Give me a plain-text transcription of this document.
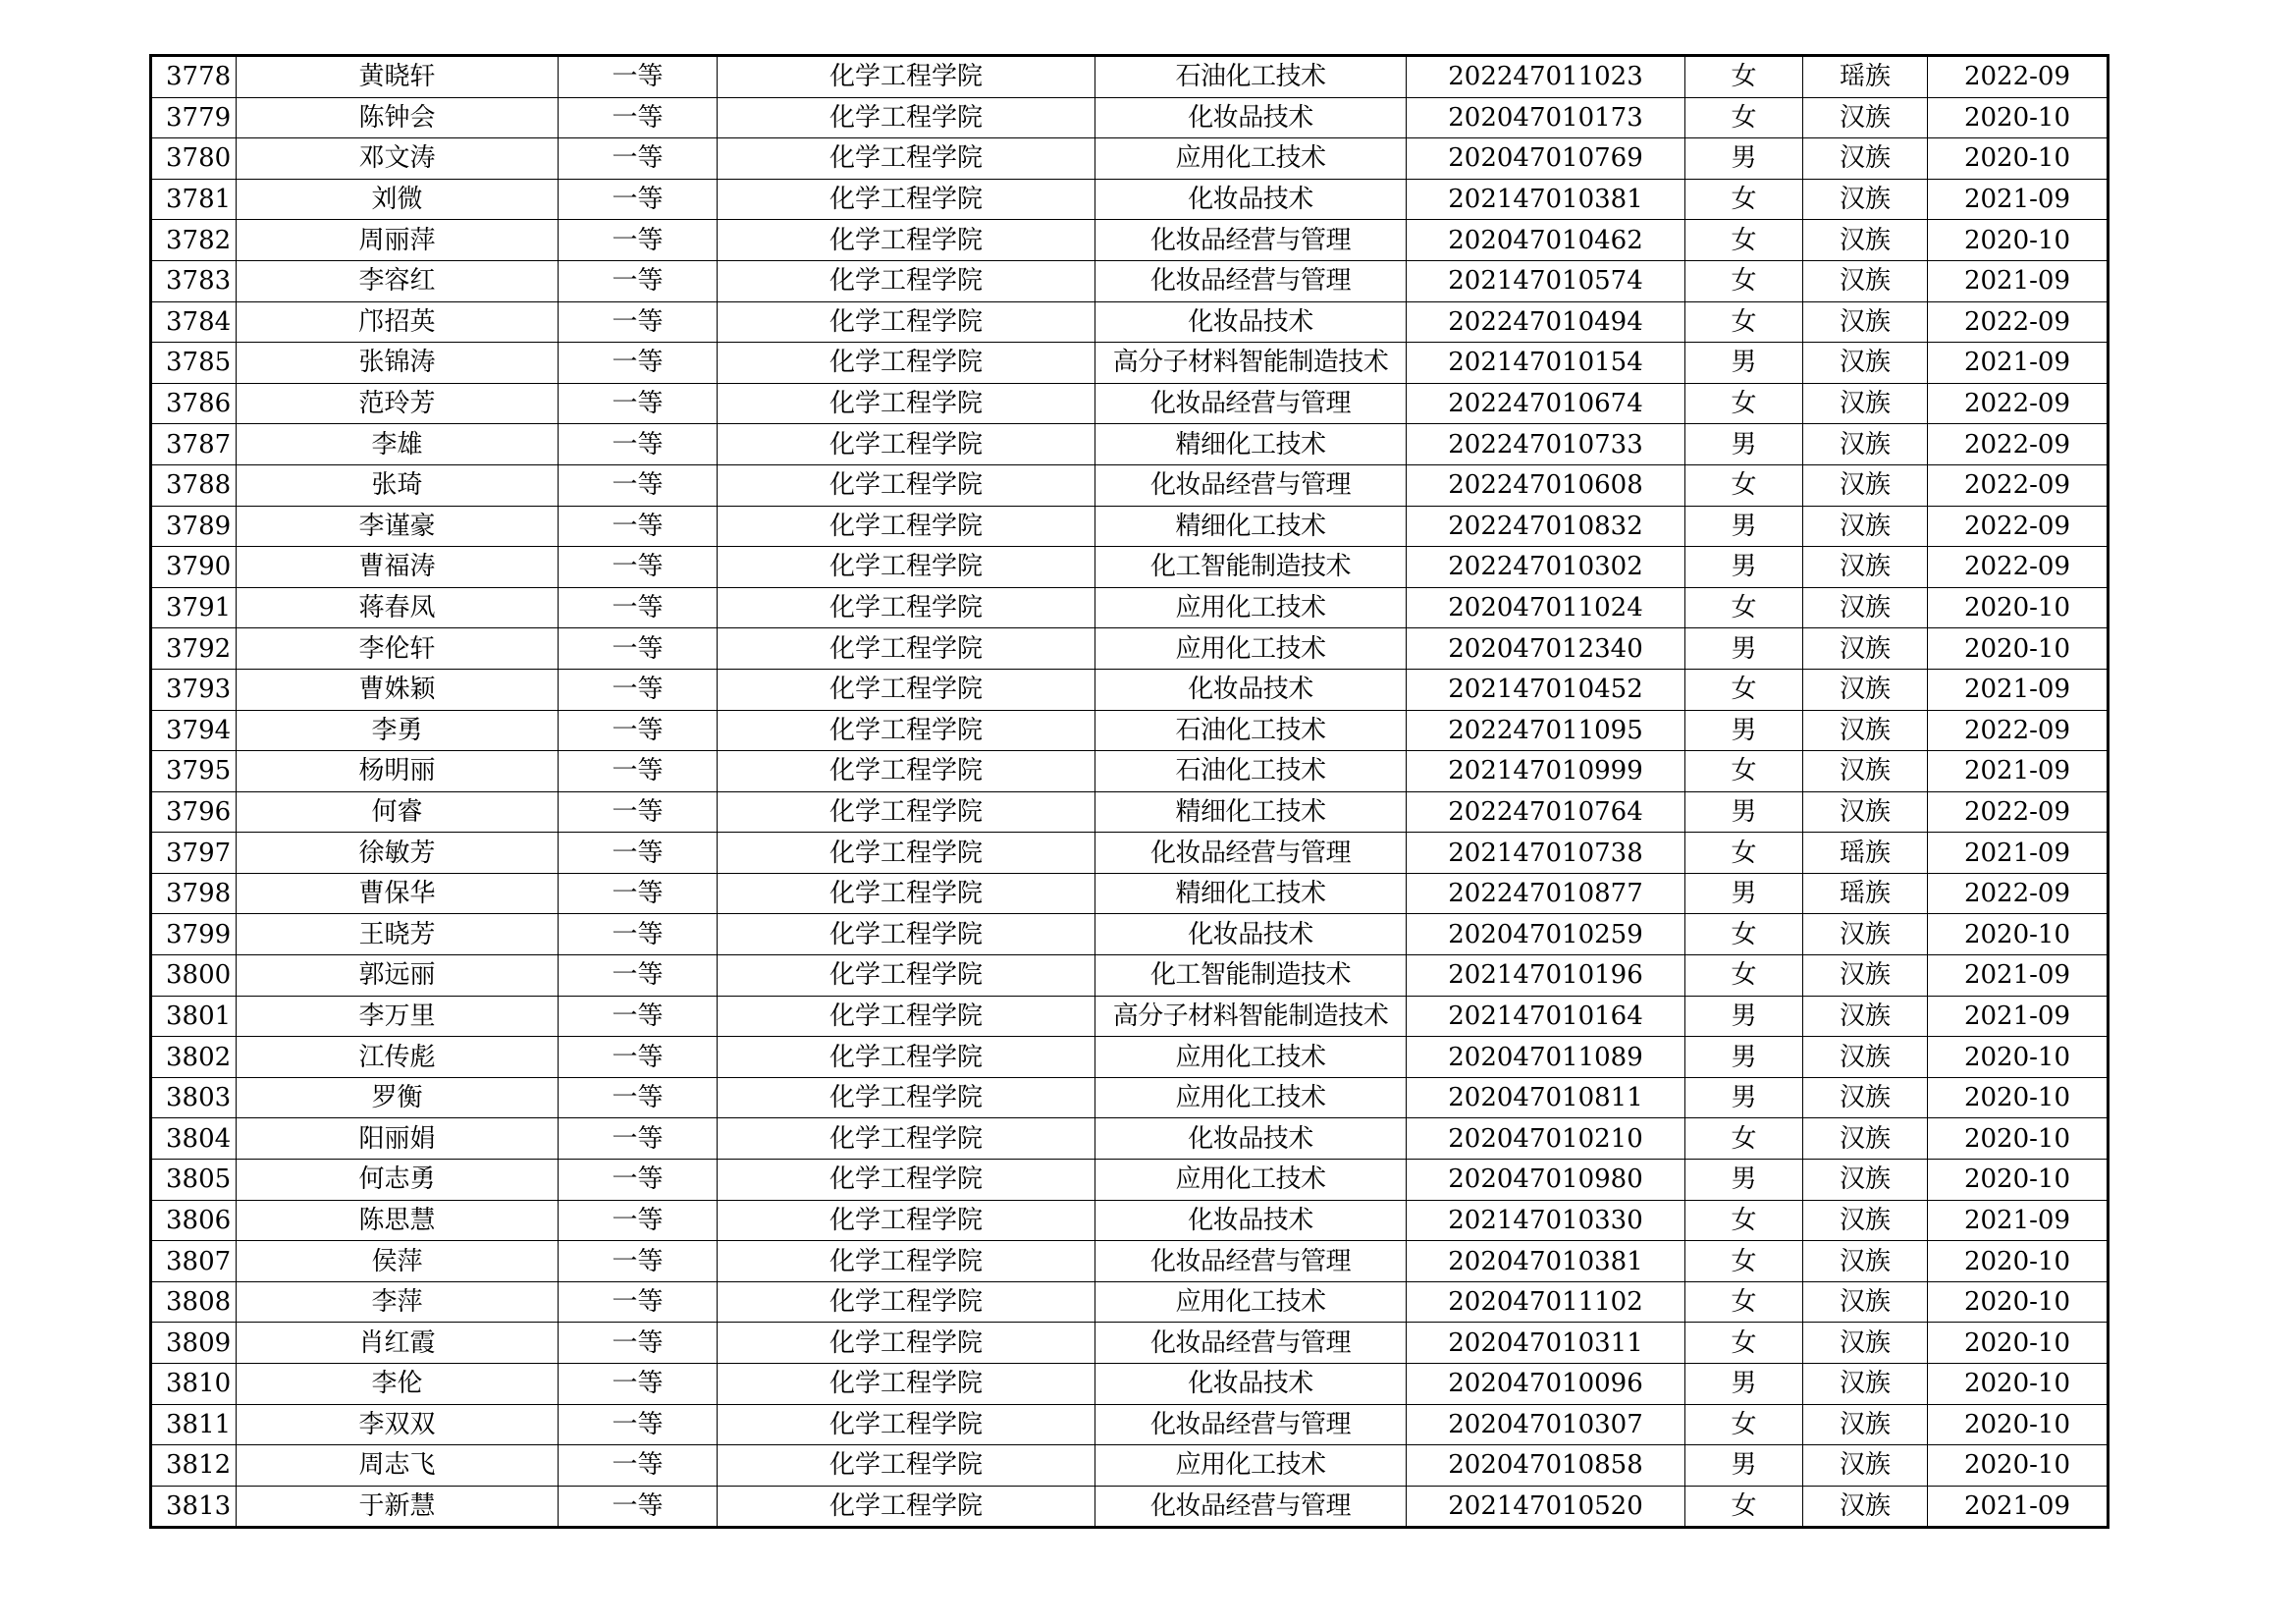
3778	黄晓轩	一等	化学工程学院	石油化工技术	202247011023	女	瑶族	2022-09
3779	陈钟会	一等	化学工程学院	化妆品技术	202047010173	女	汉族	2020-10
3780	邓文涛	一等	化学工程学院	应用化工技术	202047010769	男	汉族	2020-10
3781	刘微	一等	化学工程学院	化妆品技术	202147010381	女	汉族	2021-09
3782	周丽萍	一等	化学工程学院	化妆品经营与管理	202047010462	女	汉族	2020-10
3783	李容红	一等	化学工程学院	化妆品经营与管理	202147010574	女	汉族	2021-09
3784	邝招英	一等	化学工程学院	化妆品技术	202247010494	女	汉族	2022-09
3785	张锦涛	一等	化学工程学院	高分子材料智能制造技术	202147010154	男	汉族	2021-09
3786	范玲芳	一等	化学工程学院	化妆品经营与管理	202247010674	女	汉族	2022-09
3787	李雄	一等	化学工程学院	精细化工技术	202247010733	男	汉族	2022-09
3788	张琦	一等	化学工程学院	化妆品经营与管理	202247010608	女	汉族	2022-09
3789	李谨豪	一等	化学工程学院	精细化工技术	202247010832	男	汉族	2022-09
3790	曹福涛	一等	化学工程学院	化工智能制造技术	202247010302	男	汉族	2022-09
3791	蒋春凤	一等	化学工程学院	应用化工技术	202047011024	女	汉族	2020-10
3792	李伦轩	一等	化学工程学院	应用化工技术	202047012340	男	汉族	2020-10
3793	曹姝颖	一等	化学工程学院	化妆品技术	202147010452	女	汉族	2021-09
3794	李勇	一等	化学工程学院	石油化工技术	202247011095	男	汉族	2022-09
3795	杨明丽	一等	化学工程学院	石油化工技术	202147010999	女	汉族	2021-09
3796	何睿	一等	化学工程学院	精细化工技术	202247010764	男	汉族	2022-09
3797	徐敏芳	一等	化学工程学院	化妆品经营与管理	202147010738	女	瑶族	2021-09
3798	曹保华	一等	化学工程学院	精细化工技术	202247010877	男	瑶族	2022-09
3799	王晓芳	一等	化学工程学院	化妆品技术	202047010259	女	汉族	2020-10
3800	郭远丽	一等	化学工程学院	化工智能制造技术	202147010196	女	汉族	2021-09
3801	李万里	一等	化学工程学院	高分子材料智能制造技术	202147010164	男	汉族	2021-09
3802	江传彪	一等	化学工程学院	应用化工技术	202047011089	男	汉族	2020-10
3803	罗衡	一等	化学工程学院	应用化工技术	202047010811	男	汉族	2020-10
3804	阳丽娟	一等	化学工程学院	化妆品技术	202047010210	女	汉族	2020-10
3805	何志勇	一等	化学工程学院	应用化工技术	202047010980	男	汉族	2020-10
3806	陈思慧	一等	化学工程学院	化妆品技术	202147010330	女	汉族	2021-09
3807	侯萍	一等	化学工程学院	化妆品经营与管理	202047010381	女	汉族	2020-10
3808	李萍	一等	化学工程学院	应用化工技术	202047011102	女	汉族	2020-10
3809	肖红霞	一等	化学工程学院	化妆品经营与管理	202047010311	女	汉族	2020-10
3810	李伦	一等	化学工程学院	化妆品技术	202047010096	男	汉族	2020-10
3811	李双双	一等	化学工程学院	化妆品经营与管理	202047010307	女	汉族	2020-10
3812	周志飞	一等	化学工程学院	应用化工技术	202047010858	男	汉族	2020-10
3813	于新慧	一等	化学工程学院	化妆品经营与管理	202147010520	女	汉族	2021-09
